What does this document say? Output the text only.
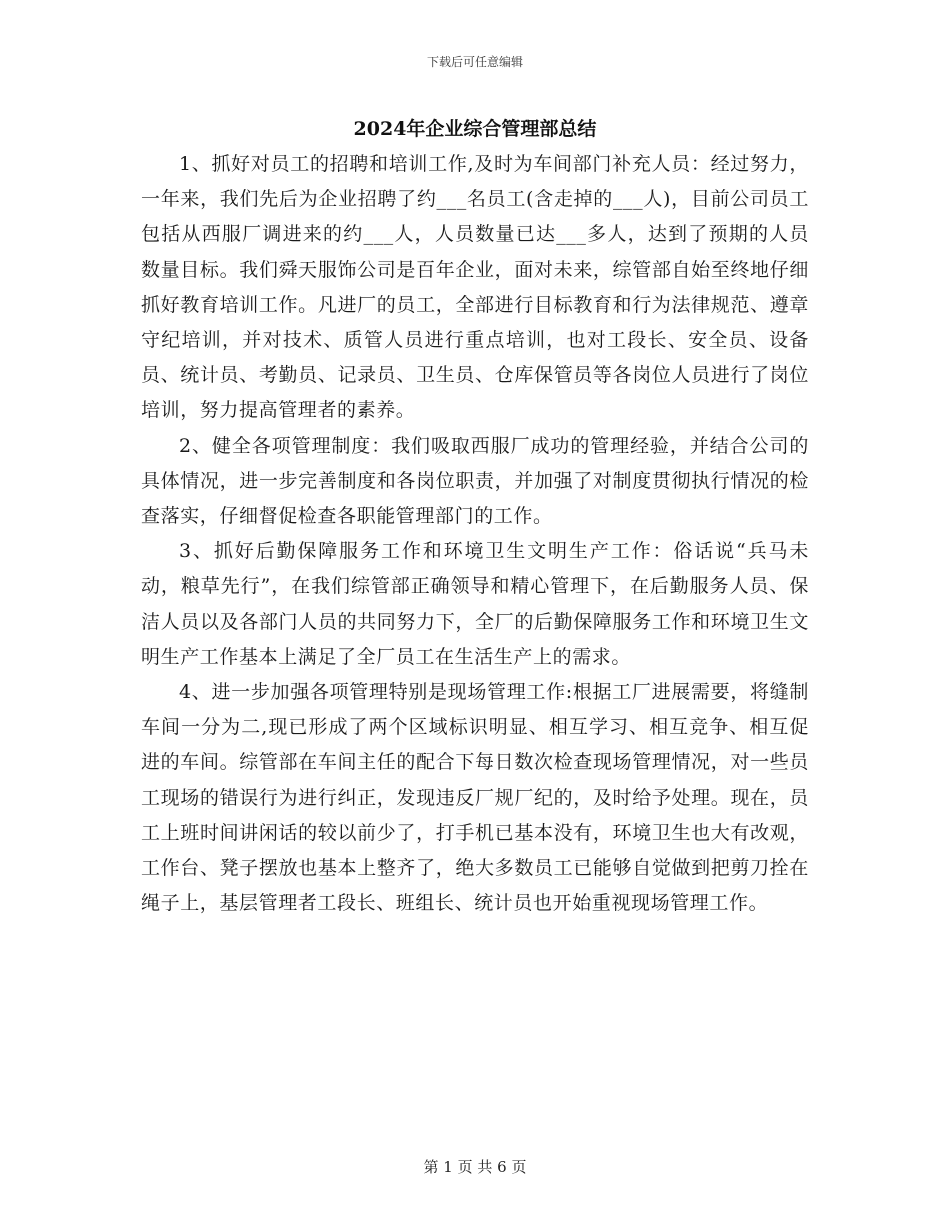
下载后可任意编辑
2024年企业综合管理部总结

1、抓好对员工的招聘和培训工作,及时为车间部门补充人员：经过努力，一年来，我们先后为企业招聘了约___名员工(含走掉的___人)，目前公司员工包括从西服厂调进来的约___人，人员数量已达___多人，达到了预期的人员数量目标。我们舜天服饰公司是百年企业，面对未来，综管部自始至终地仔细抓好教育培训工作。凡进厂的员工，全部进行目标教育和行为法律规范、遵章守纪培训，并对技术、质管人员进行重点培训，也对工段长、安全员、设备员、统计员、考勤员、记录员、卫生员、仓库保管员等各岗位人员进行了岗位培训，努力提高管理者的素养。

2、健全各项管理制度：我们吸取西服厂成功的管理经验，并结合公司的具体情况，进一步完善制度和各岗位职责，并加强了对制度贯彻执行情况的检查落实，仔细督促检查各职能管理部门的工作。

3、抓好后勤保障服务工作和环境卫生文明生产工作：俗话说“兵马未动，粮草先行”，在我们综管部正确领导和精心管理下，在后勤服务人员、保洁人员以及各部门人员的共同努力下，全厂的后勤保障服务工作和环境卫生文明生产工作基本上满足了全厂员工在生活生产上的需求。

4、进一步加强各项管理特别是现场管理工作:根据工厂进展需要，将缝制车间一分为二,现已形成了两个区域标识明显、相互学习、相互竞争、相互促进的车间。综管部在车间主任的配合下每日数次检查现场管理情况，对一些员工现场的错误行为进行纠正，发现违反厂规厂纪的，及时给予处理。现在，员工上班时间讲闲话的较以前少了，打手机已基本没有，环境卫生也大有改观，工作台、凳子摆放也基本上整齐了，绝大多数员工已能够自觉做到把剪刀拴在绳子上，基层管理者工段长、班组长、统计员也开始重视现场管理工作。

第 1 页 共 6 页
